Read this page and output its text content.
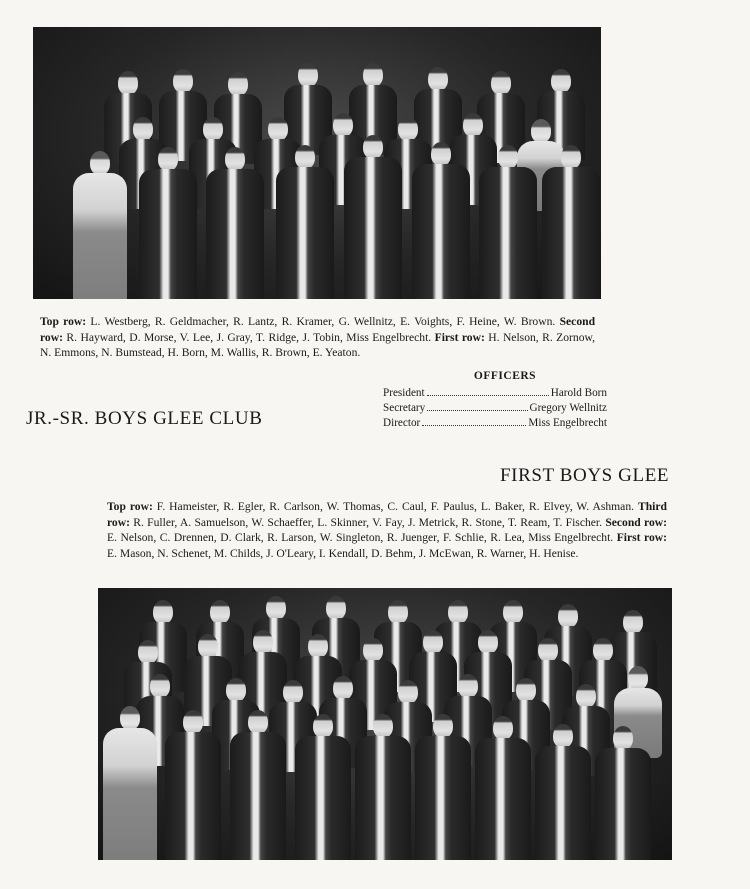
Top row: L. Westberg, R. Geldmacher, R. Lantz, R. Kramer, G. Wellnitz, E. Voights, F. Heine, W. Brown. Second row: R. Hayward, D. Morse, V. Lee, J. Gray, T. Ridge, J. Tobin, Miss Engelbrecht. First row: H. Nelson, R. Zornow, N. Emmons, N. Bumstead, H. Born, M. Wallis, R. Brown, E. Yeaton.
OFFICERS
President	Harold Born
Secretary	Gregory Wellnitz
Director	Miss Engelbrecht
JR.-SR. BOYS GLEE CLUB
FIRST BOYS GLEE
Top row: F. Hameister, R. Egler, R. Carlson, W. Thomas, C. Caul, F. Paulus, L. Baker, R. Elvey, W. Ashman. Third row: R. Fuller, A. Samuelson, W. Schaeffer, L. Skinner, V. Fay, J. Metrick, R. Stone, T. Ream, T. Fischer. Second row: E. Nelson, C. Drennen, D. Clark, R. Larson, W. Singleton, R. Juenger, F. Schlie, R. Lea, Miss Engelbrecht. First row: E. Mason, N. Schenet, M. Childs, J. O'Leary, I. Kendall, D. Behm, J. McEwan, R. Warner, H. Henise.
